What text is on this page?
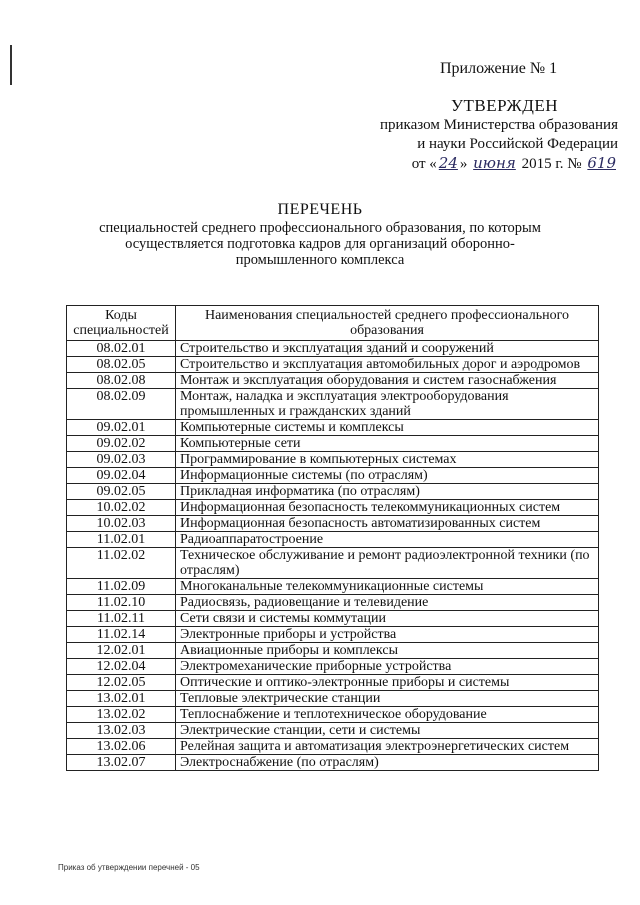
Приложение № 1
УТВЕРЖДЕН
приказом Министерства образования
и науки Российской Федерации
от « 24 » июня 2015 г. № 619
ПЕРЕЧЕНЬ
специальностей среднего профессионального образования, по которым осуществляется подготовка кадров для организаций оборонно-промышленного комплекса
Коды специальностей	Наименования специальностей среднего профессионального образования
08.02.01	Строительство и эксплуатация зданий и сооружений
08.02.05	Строительство и эксплуатация автомобильных дорог и аэродромов
08.02.08	Монтаж и эксплуатация оборудования и систем газоснабжения
08.02.09	Монтаж, наладка и эксплуатация электрооборудования промышленных и гражданских зданий
09.02.01	Компьютерные системы и комплексы
09.02.02	Компьютерные сети
09.02.03	Программирование в компьютерных системах
09.02.04	Информационные системы (по отраслям)
09.02.05	Прикладная информатика (по отраслям)
10.02.02	Информационная безопасность телекоммуникационных систем
10.02.03	Информационная безопасность автоматизированных систем
11.02.01	Радиоаппаратостроение
11.02.02	Техническое обслуживание и ремонт радиоэлектронной техники (по отраслям)
11.02.09	Многоканальные телекоммуникационные системы
11.02.10	Радиосвязь, радиовещание и телевидение
11.02.11	Сети связи и системы коммутации
11.02.14	Электронные приборы и устройства
12.02.01	Авиационные приборы и комплексы
12.02.04	Электромеханические приборные устройства
12.02.05	Оптические и оптико-электронные приборы и системы
13.02.01	Тепловые электрические станции
13.02.02	Теплоснабжение и теплотехническое оборудование
13.02.03	Электрические станции, сети и системы
13.02.06	Релейная защита и автоматизация электроэнергетических систем
13.02.07	Электроснабжение (по отраслям)
Приказ об утверждении перечней - 05
